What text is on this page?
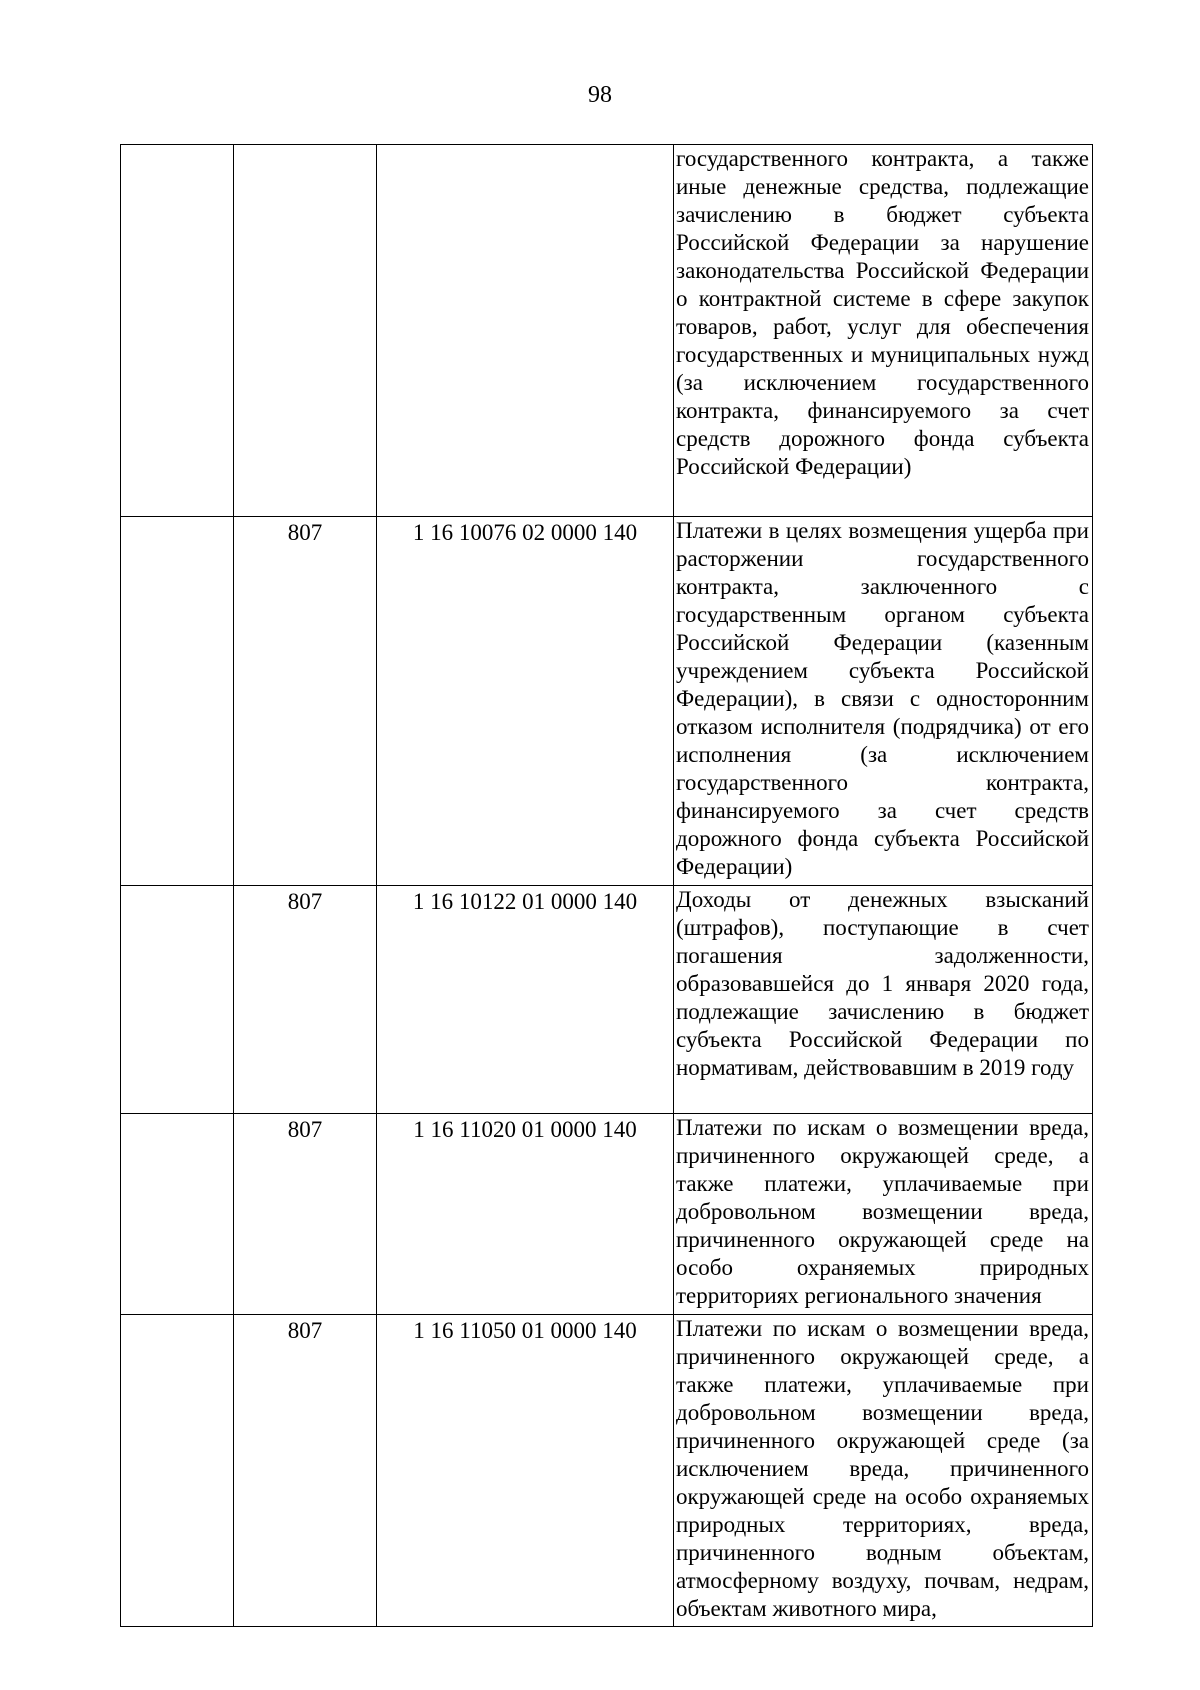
98
			государственного контракта, а также иные денежные средства, подлежащие зачислению в бюджет субъекта Российской Федерации за нарушение законодательства Российской Федерации о контрактной системе в сфере закупок товаров, работ, услуг для обеспечения государственных и муниципальных нужд (за исключением государственного контракта, финансируемого за счет средств дорожного фонда субъекта Российской Федерации)
	807	1 16 10076 02 0000 140	Платежи в целях возмещения ущерба при расторжении государственного контракта, заключенного с государственным органом субъекта Российской Федерации (казенным учреждением субъекта Российской Федерации), в связи с односторонним отказом исполнителя (подрядчика) от его исполнения (за исключением государственного контракта, финансируемого за счет средств дорожного фонда субъекта Российской Федерации)
	807	1 16 10122 01 0000 140	Доходы от денежных взысканий (штрафов), поступающие в счет погашения задолженности, образовавшейся до 1 января 2020 года, подлежащие зачислению в бюджет субъекта Российской Федерации по нормативам, действовавшим в 2019 году
	807	1 16 11020 01 0000 140	Платежи по искам о возмещении вреда, причиненного окружающей среде, а также платежи, уплачиваемые при добровольном возмещении вреда, причиненного окружающей среде на особо охраняемых природных территориях регионального значения
	807	1 16 11050 01 0000 140	Платежи по искам о возмещении вреда, причиненного окружающей среде, а также платежи, уплачиваемые при добровольном возмещении вреда, причиненного окружающей среде (за исключением вреда, причиненного окружающей среде на особо охраняемых природных территориях, вреда, причиненного водным объектам, атмосферному воздуху, почвам, недрам, объектам животного мира,
